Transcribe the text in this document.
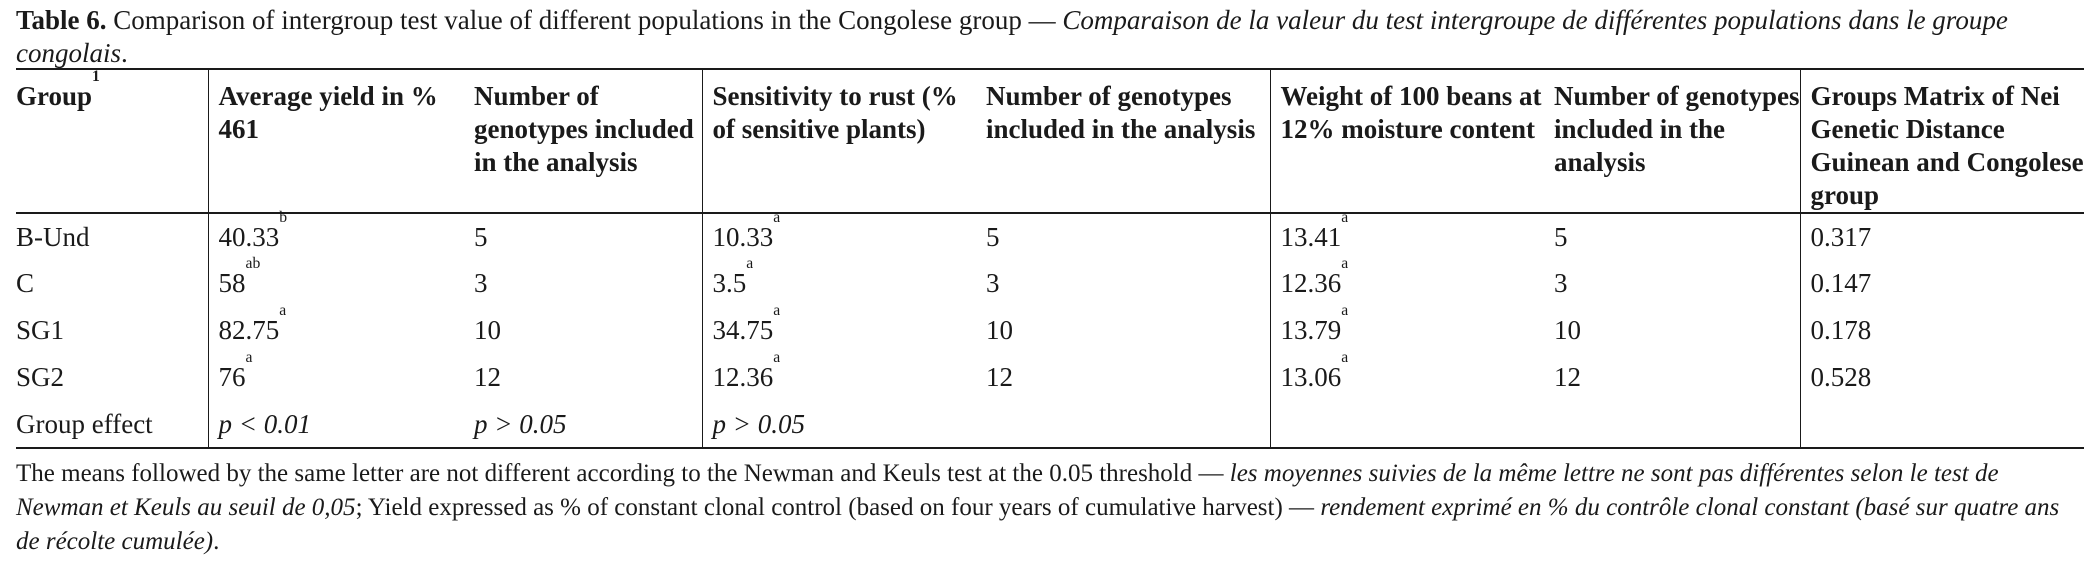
Table 6. Comparison of intergroup test value of different populations in the Congolese group — Comparaison de la valeur du test intergroupe de différentes populations dans le groupe congolais.
Group$^1$	Average yield in % 461	Number of genotypes included in the analysis	Sensitivity to rust (% of sensitive plants)	Number of genotypes included in the analysis	Weight of 100 beans at 12% moisture content	Number of genotypes included in the analysis	Groups Matrix of Nei Genetic Distance Guinean and Congolese group
B-Und	40.33$^b$	5	10.33$^a$	5	13.41$^a$	5	0.317
C	$58^{ab}$	3	3.5$^a$	3	12.36$^a$	3	0.147
SG1	82.75$^a$	10	34.75$^a$	10	13.79$^a$	10	0.178
SG2	76$^a$	12	12.36$^a$	12	13.06$^a$	12	0.528
Group effect	p < 0.01	p > 0.05	p > 0.05				
The means followed by the same letter are not different according to the Newman and Keuls test at the 0.05 threshold — les moyennes suivies de la même lettre ne sont pas différentes selon le test de Newman et Keuls au seuil de 0,05; Yield expressed as % of constant clonal control (based on four years of cumulative harvest) — rendement exprimé en % du contrôle clonal constant (basé sur quatre ans de récolte cumulée).
